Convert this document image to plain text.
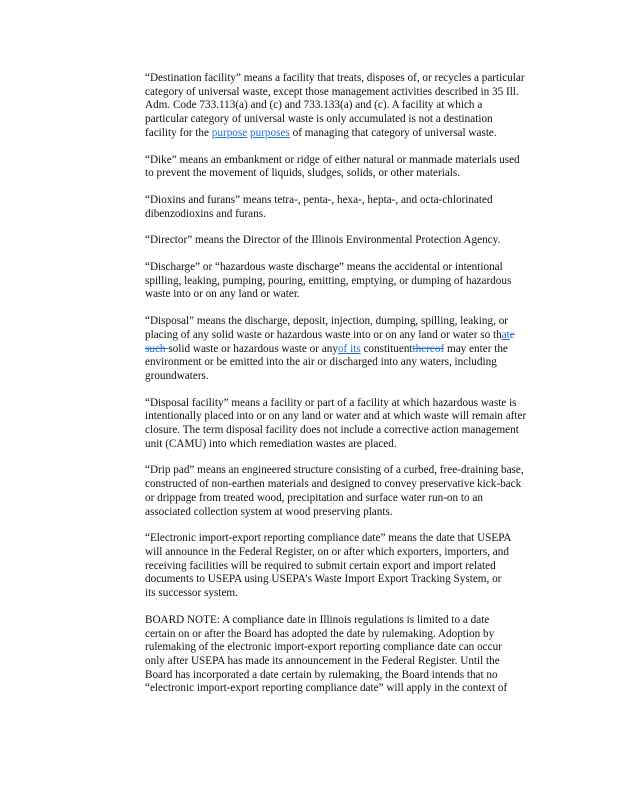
“Destination facility” means a facility that treats, disposes of, or recycles a particular
category of universal waste, except those management activities described in 35 Ill.
Adm. Code 733.113(a) and (c) and 733.133(a) and (c). A facility at which a
particular category of universal waste is only accumulated is not a destination
facility for the purpose purposes of managing that category of universal waste.
“Dike” means an embankment or ridge of either natural or manmade materials used
to prevent the movement of liquids, sludges, solids, or other materials.
“Dioxins and furans” means tetra-, penta-, hexa-, hepta-, and octa-chlorinated
dibenzodioxins and furans.
“Director” means the Director of the Illinois Environmental Protection Agency.
“Discharge” or “hazardous waste discharge” means the accidental or intentional
spilling, leaking, pumping, pouring, emitting, emptying, or dumping of hazardous
waste into or on any land or water.
“Disposal” means the discharge, deposit, injection, dumping, spilling, leaking, or
placing of any solid waste or hazardous waste into or on any land or water so thate
such solid waste or hazardous waste or anyof its constituentthereof may enter the
environment or be emitted into the air or discharged into any waters, including
groundwaters.
“Disposal facility” means a facility or part of a facility at which hazardous waste is
intentionally placed into or on any land or water and at which waste will remain after
closure. The term disposal facility does not include a corrective action management
unit (CAMU) into which remediation wastes are placed.
“Drip pad” means an engineered structure consisting of a curbed, free-draining base,
constructed of non-earthen materials and designed to convey preservative kick-back
or drippage from treated wood, precipitation and surface water run-on to an
associated collection system at wood preserving plants.
“Electronic import-export reporting compliance date” means the date that USEPA
will announce in the Federal Register, on or after which exporters, importers, and
receiving facilities will be required to submit certain export and import related
documents to USEPA using USEPA’s Waste Import Export Tracking System, or
its successor system.
BOARD NOTE: A compliance date in Illinois regulations is limited to a date
certain on or after the Board has adopted the date by rulemaking. Adoption by
rulemaking of the electronic import-export reporting compliance date can occur
only after USEPA has made its announcement in the Federal Register. Until the
Board has incorporated a date certain by rulemaking, the Board intends that no
“electronic import-export reporting compliance date” will apply in the context of
